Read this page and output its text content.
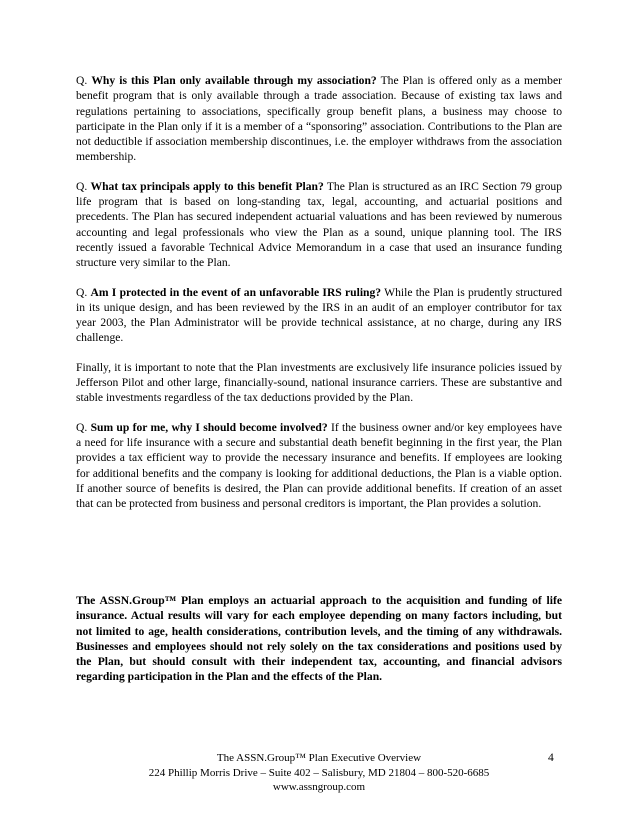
Q. Why is this Plan only available through my association? The Plan is offered only as a member benefit program that is only available through a trade association. Because of existing tax laws and regulations pertaining to associations, specifically group benefit plans, a business may choose to participate in the Plan only if it is a member of a “sponsoring” association. Contributions to the Plan are not deductible if association membership discontinues, i.e. the employer withdraws from the association membership.

Q. What tax principals apply to this benefit Plan? The Plan is structured as an IRC Section 79 group life program that is based on long-standing tax, legal, accounting, and actuarial positions and precedents. The Plan has secured independent actuarial valuations and has been reviewed by numerous accounting and legal professionals who view the Plan as a sound, unique planning tool. The IRS recently issued a favorable Technical Advice Memorandum in a case that used an insurance funding structure very similar to the Plan.

Q. Am I protected in the event of an unfavorable IRS ruling? While the Plan is prudently structured in its unique design, and has been reviewed by the IRS in an audit of an employer contributor for tax year 2003, the Plan Administrator will be provide technical assistance, at no charge, during any IRS challenge.

Finally, it is important to note that the Plan investments are exclusively life insurance policies issued by Jefferson Pilot and other large, financially-sound, national insurance carriers. These are substantive and stable investments regardless of the tax deductions provided by the Plan.

Q. Sum up for me, why I should become involved? If the business owner and/or key employees have a need for life insurance with a secure and substantial death benefit beginning in the first year, the Plan provides a tax efficient way to provide the necessary insurance and benefits. If employees are looking for additional benefits and the company is looking for additional deductions, the Plan is a viable option. If another source of benefits is desired, the Plan can provide additional benefits. If creation of an asset that can be protected from business and personal creditors is important, the Plan provides a solution.

The ASSN.Group™ Plan employs an actuarial approach to the acquisition and funding of life insurance. Actual results will vary for each employee depending on many factors including, but not limited to age, health considerations, contribution levels, and the timing of any withdrawals. Businesses and employees should not rely solely on the tax considerations and positions used by the Plan, but should consult with their independent tax, accounting, and financial advisors regarding participation in the Plan and the effects of the Plan.

The ASSN.Group™ Plan Executive Overview
224 Phillip Morris Drive – Suite 402 – Salisbury, MD 21804 – 800-520-6685
www.assngroup.com
4
